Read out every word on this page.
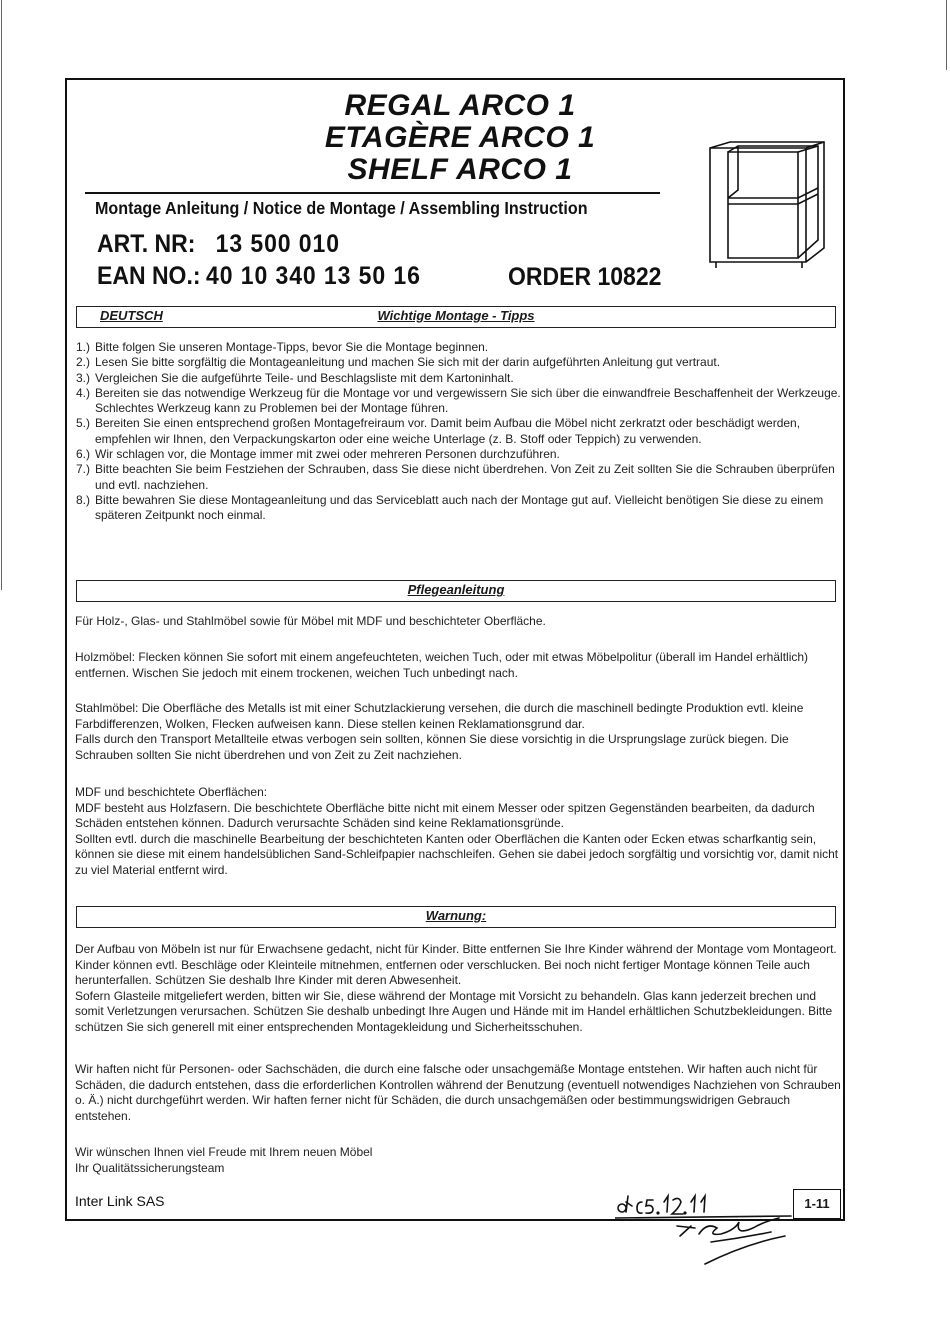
REGAL ARCO 1
ETAGÈRE ARCO 1
SHELF ARCO 1
Montage Anleitung / Notice de Montage / Assembling Instruction
ART. NR: 13 500 010
EAN NO.: 40 10 340 13 50 16	ORDER 10822
DEUTSCH	Wichtige Montage - Tipps
1.) Bitte folgen Sie unseren Montage-Tipps, bevor Sie die Montage beginnen.
2.) Lesen Sie bitte sorgfältig die Montageanleitung und machen Sie sich mit der darin aufgeführten Anleitung gut vertraut.
3.) Vergleichen Sie die aufgeführte Teile- und Beschlagsliste mit dem Kartoninhalt.
4.) Bereiten sie das notwendige Werkzeug für die Montage vor und vergewissern Sie sich über die einwandfreie Beschaffenheit der Werkzeuge. Schlechtes Werkzeug kann zu Problemen bei der Montage führen.
5.) Bereiten Sie einen entsprechend großen Montagefreiraum vor. Damit beim Aufbau die Möbel nicht zerkratzt oder beschädigt werden, empfehlen wir Ihnen, den Verpackungskarton oder eine weiche Unterlage (z. B. Stoff oder Teppich) zu verwenden.
6.) Wir schlagen vor, die Montage immer mit zwei oder mehreren Personen durchzuführen.
7.) Bitte beachten Sie beim Festziehen der Schrauben, dass Sie diese nicht überdrehen. Von Zeit zu Zeit sollten Sie die Schrauben überprüfen und evtl. nachziehen.
8.) Bitte bewahren Sie diese Montageanleitung und das Serviceblatt auch nach der Montage gut auf. Vielleicht benötigen Sie diese zu einem späteren Zeitpunkt noch einmal.
Pflegeanleitung

Für Holz-, Glas- und Stahlmöbel sowie für Möbel mit MDF und beschichteter Oberfläche.

Holzmöbel: Flecken können Sie sofort mit einem angefeuchteten, weichen Tuch, oder mit etwas Möbelpolitur (überall im Handel erhältlich) entfernen. Wischen Sie jedoch mit einem trockenen, weichen Tuch unbedingt nach.

Stahlmöbel: Die Oberfläche des Metalls ist mit einer Schutzlackierung versehen, die durch die maschinell bedingte Produktion evtl. kleine Farbdifferenzen, Wolken, Flecken aufweisen kann. Diese stellen keinen Reklamationsgrund dar.

Falls durch den Transport Metallteile etwas verbogen sein sollten, können Sie diese vorsichtig in die Ursprungslage zurück biegen. Die Schrauben sollten Sie nicht überdrehen und von Zeit zu Zeit nachziehen.

MDF und beschichtete Oberflächen:

MDF besteht aus Holzfasern. Die beschichtete Oberfläche bitte nicht mit einem Messer oder spitzen Gegenständen bearbeiten, da dadurch Schäden entstehen können. Dadurch verursachte Schäden sind keine Reklamationsgründe.

Sollten evtl. durch die maschinelle Bearbeitung der beschichteten Kanten oder Oberflächen die Kanten oder Ecken etwas scharfkantig sein, können sie diese mit einem handelsüblichen Sand-Schleifpapier nachschleifen. Gehen sie dabei jedoch sorgfältig und vorsichtig vor, damit nicht zu viel Material entfernt wird.

Warnung:

Der Aufbau von Möbeln ist nur für Erwachsene gedacht, nicht für Kinder. Bitte entfernen Sie Ihre Kinder während der Montage vom Montageort. Kinder können evtl. Beschläge oder Kleinteile mitnehmen, entfernen oder verschlucken. Bei noch nicht fertiger Montage können Teile auch herunterfallen. Schützen Sie deshalb Ihre Kinder mit deren Abwesenheit.

Sofern Glasteile mitgeliefert werden, bitten wir Sie, diese während der Montage mit Vorsicht zu behandeln. Glas kann jederzeit brechen und somit Verletzungen verursachen. Schützen Sie deshalb unbedingt Ihre Augen und Hände mit im Handel erhältlichen Schutzbekleidungen. Bitte schützen Sie sich generell mit einer entsprechenden Montagekleidung und Sicherheitsschuhen.

Wir haften nicht für Personen- oder Sachschäden, die durch eine falsche oder unsachgemäße Montage entstehen. Wir haften auch nicht für Schäden, die dadurch entstehen, dass die erforderlichen Kontrollen während der Benutzung (eventuell notwendiges Nachziehen von Schrauben o. Ä.) nicht durchgeführt werden. Wir haften ferner nicht für Schäden, die durch unsachgemäßen oder bestimmungswidrigen Gebrauch entstehen.

Wir wünschen Ihnen viel Freude mit Ihrem neuen Möbel

Ihr Qualitätssicherungsteam

Inter Link SAS	1-11
